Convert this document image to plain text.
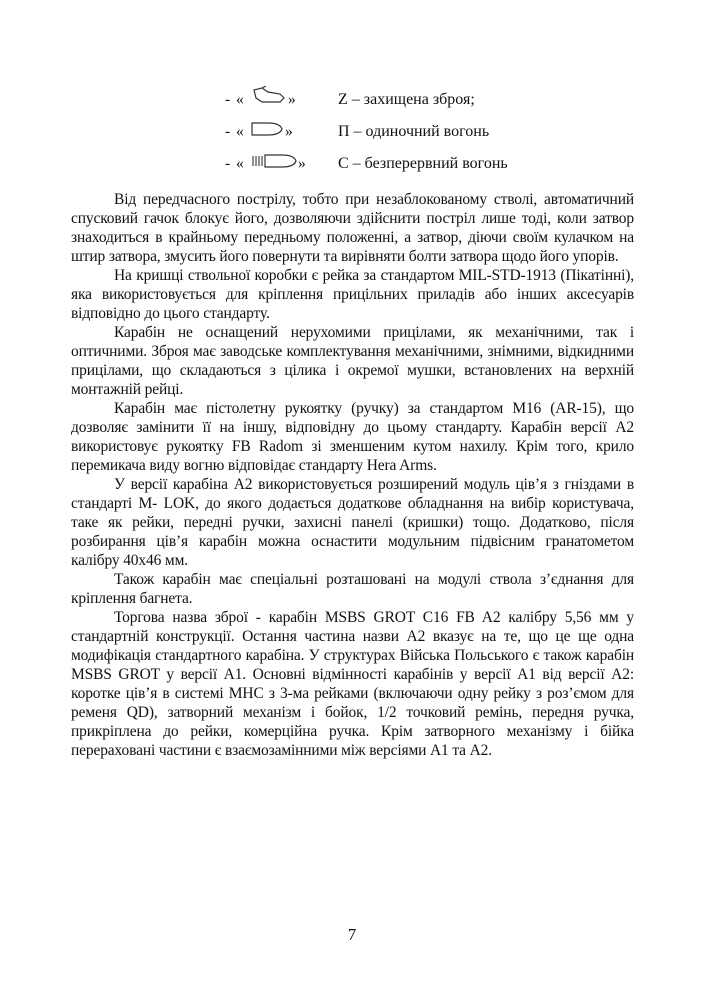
- «	»	Z – захищена зброя;
- «	»	П – одиночний вогонь
- «	» С – безперервний вогонь

Від передчасного пострілу, тобто при незаблокованому стволі, автоматичний спусковий гачок блокує його, дозволяючи здійснити постріл лише тоді, коли затвор знаходиться в крайньому передньому положенні, а затвор, діючи своїм кулачком на штир затвора, змусить його повернути та вирівняти болти затвора щодо його упорів.

На кришці ствольної коробки є рейка за стандартом MIL-STD-1913 (Пікатінні), яка використовується для кріплення прицільних приладів або інших аксесуарів відповідно до цього стандарту.

Карабін не оснащений нерухомими прицілами, як механічними, так і оптичними. Зброя має заводське комплектування механічними, знімними, відкидними прицілами, що складаються з цілика і окремої мушки, встановлених на верхній монтажній рейці.

Карабін має пістолетну рукоятку (ручку) за стандартом M16 (AR-15), що дозволяє замінити її на іншу, відповідну до цьому стандарту. Карабін версії А2 використовує рукоятку FB Radom зі зменшеним кутом нахилу. Крім того, крило перемикача виду вогню відповідає стандарту Hera Arms.

У версії карабіна А2 використовується розширений модуль ців’я з гніздами в стандарті M- LOK, до якого додається додаткове обладнання на вибір користувача, таке як рейки, передні ручки, захисні панелі (кришки) тощо. Додатково, після розбирання ців’я карабін можна оснастити модульним підвісним гранатометом калібру 40х46 мм.

Також карабін має спеціальні розташовані на модулі ствола з’єднання для кріплення багнета.

Торгова назва зброї - карабін MSBS GROT C16 FB A2 калібру 5,56 мм у стандартній конструкції. Остання частина назви A2 вказує на те, що це ще одна модифікація стандартного карабіна. У структурах Війська Польського є також карабін MSBS GROT у версії A1. Основні відмінності карабінів у версії A1 від версії A2: коротке ців’я в системі MHC з 3-ма рейками (включаючи одну рейку з роз’ємом для ременя QD), затворний механізм і бойок, 1/2 точковий ремінь, передня ручка, прикріплена до рейки, комерційна ручка. Крім затворного механізму і бійка перераховані частини є взаємозамінними між версіями A1 та A2.

7
